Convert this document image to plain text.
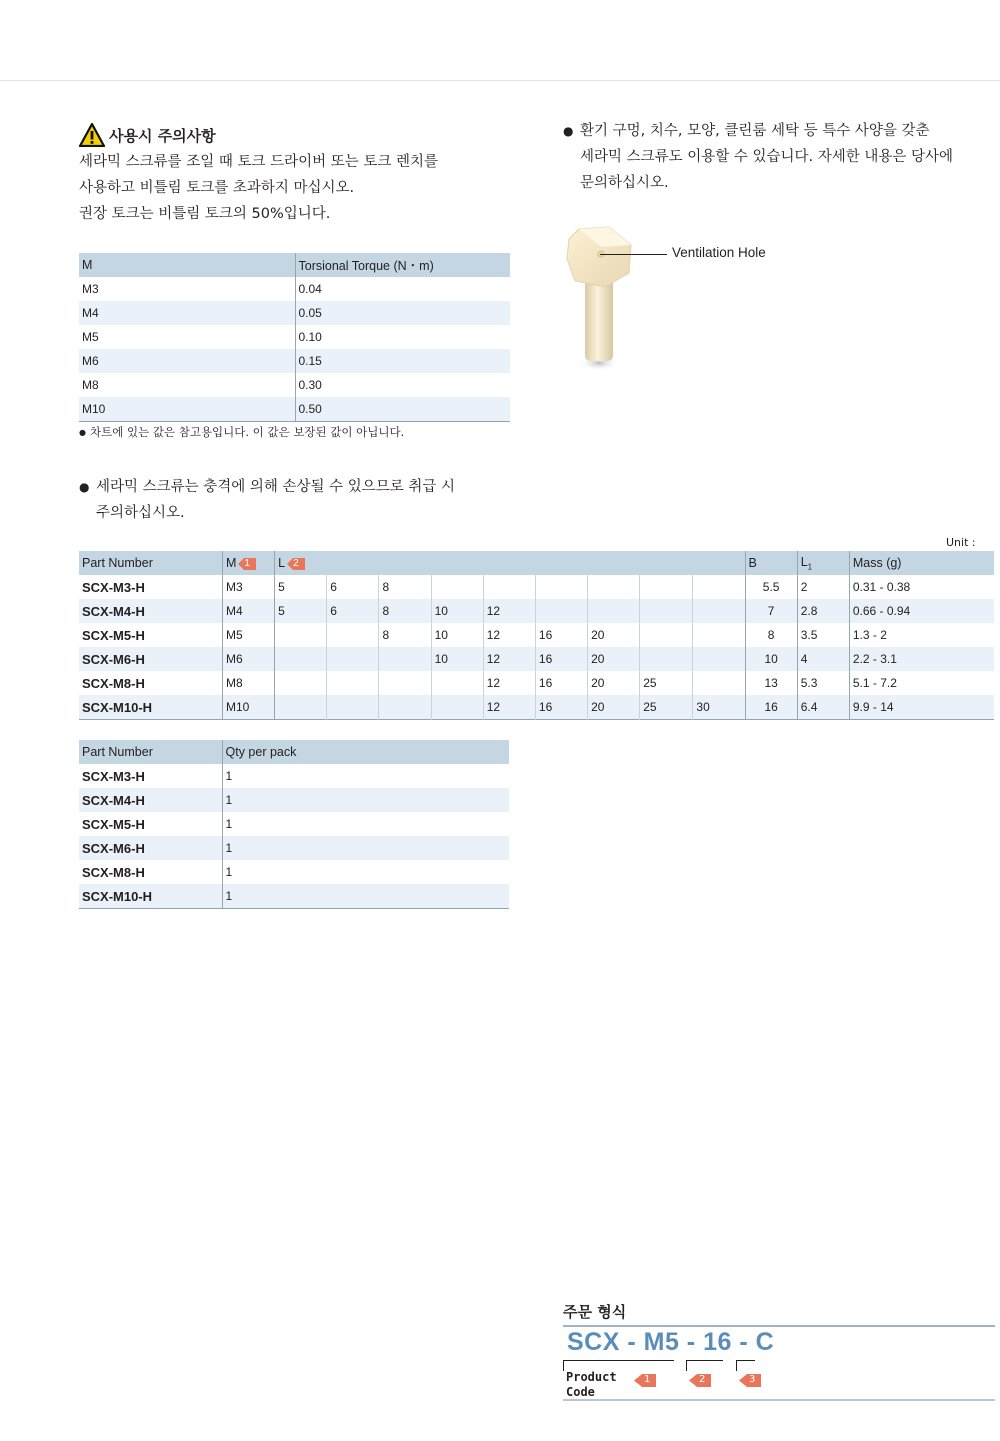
사용시 주의사항
세라믹 스크류를 조일 때 토크 드라이버 또는 토크 렌치를
사용하고 비틀림 토크를 초과하지 마십시오.
권장 토크는 비틀림 토크의 50%입니다.
M	Torsional Torque (N・m)
M3	0.04
M4	0.05
M5	0.10
M6	0.15
M8	0.30
M10	0.50
● 차트에 있는 값은 참고용입니다. 이 값은 보장된 값이 아닙니다.
● 세라믹 스크류는 충격에 의해 손상될 수 있으므로 취급 시
주의하십시오.
● 환기 구멍, 치수, 모양, 클린룸 세탁 등 특수 사양을 갖춘
세라믹 스크류도 이용할 수 있습니다. 자세한 내용은 당사에
문의하십시오.
Ventilation Hole
Unit :
Part Number	M 1	L 2									B	$L_1$	Mass (g)
SCX-M3-H	M3	5	6	8							5.5	2	0.31 - 0.38
SCX-M4-H	M4	5	6	8	10	12					7	2.8	0.66 - 0.94
SCX-M5-H	M5			8	10	12	16	20			8	3.5	1.3 - 2
SCX-M6-H	M6				10	12	16	20			10	4	2.2 - 3.1
SCX-M8-H	M8					12	16	20	25		13	5.3	5.1 - 7.2
SCX-M10-H	M10					12	16	20	25	30	16	6.4	9.9 - 14
Part Number	Qty per pack
SCX-M3-H	1
SCX-M4-H	1
SCX-M5-H	1
SCX-M6-H	1
SCX-M8-H	1
SCX-M10-H	1
주문 형식
SCX - M5 - 16 - C
Product
Code
1	2	3
